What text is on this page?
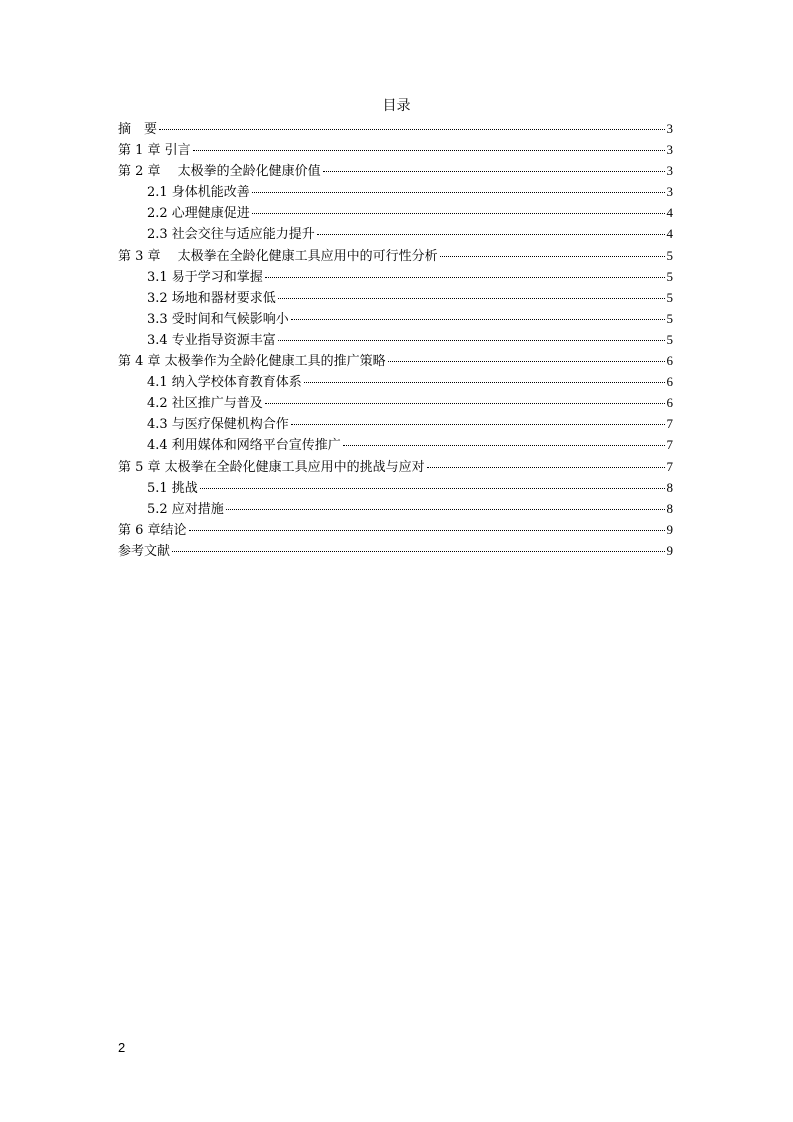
目录
摘　要	3
第 1 章 引言	3
第 2 章　 太极拳的全龄化健康价值	3
2.1 身体机能改善	3
2.2 心理健康促进	4
2.3 社会交往与适应能力提升	4
第 3 章　 太极拳在全龄化健康工具应用中的可行性分析	5
3.1 易于学习和掌握	5
3.2 场地和器材要求低	5
3.3 受时间和气候影响小	5
3.4 专业指导资源丰富	5
第 4 章 太极拳作为全龄化健康工具的推广策略	6
4.1 纳入学校体育教育体系	6
4.2 社区推广与普及	6
4.3 与医疗保健机构合作	7
4.4 利用媒体和网络平台宣传推广	7
第 5 章 太极拳在全龄化健康工具应用中的挑战与应对	7
5.1 挑战	8
5.2 应对措施	8
第 6 章结论	9
参考文献	9
2
